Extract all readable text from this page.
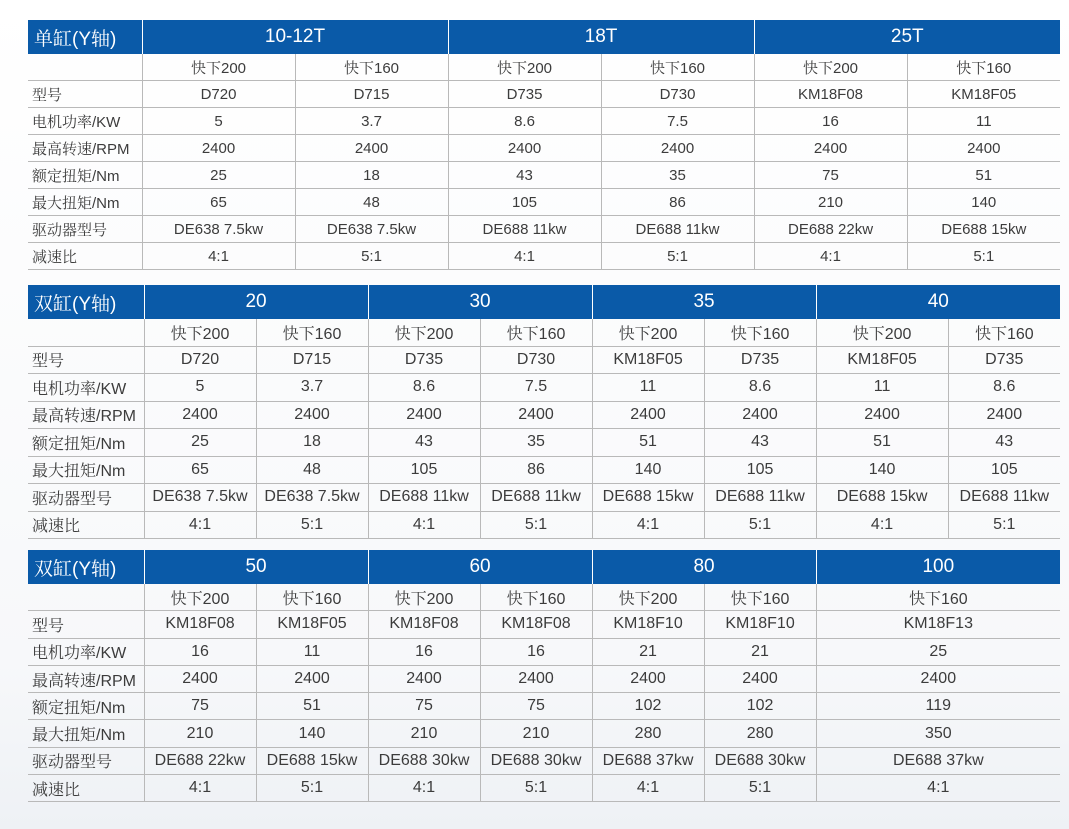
单缸(Y轴)	10-12T		18T		25T	
	快下200	快下160	快下200	快下160	快下200	快下160
型号	D720	D715	D735	D730	KM18F08	KM18F05
电机功率/KW	5	3.7	8.6	7.5	16	11
最高转速/RPM	2400	2400	2400	2400	2400	2400
额定扭矩/Nm	25	18	43	35	75	51
最大扭矩/Nm	65	48	105	86	210	140
驱动器型号	DE638 7.5kw	DE638 7.5kw	DE688 11kw	DE688 11kw	DE688 22kw	DE688 15kw
减速比	4:1	5:1	4:1	5:1	4:1	5:1
双缸(Y轴)	20		30		35		40	
	快下200	快下160	快下200	快下160	快下200	快下160	快下200	快下160
型号	D720	D715	D735	D730	KM18F05	D735	KM18F05	D735
电机功率/KW	5	3.7	8.6	7.5	11	8.6	11	8.6
最高转速/RPM	2400	2400	2400	2400	2400	2400	2400	2400
额定扭矩/Nm	25	18	43	35	51	43	51	43
最大扭矩/Nm	65	48	105	86	140	105	140	105
驱动器型号	DE638 7.5kw	DE638 7.5kw	DE688 11kw	DE688 11kw	DE688 15kw	DE688 11kw	DE688 15kw	DE688 11kw
减速比	4:1	5:1	4:1	5:1	4:1	5:1	4:1	5:1
双缸(Y轴)	50		60		80		100
	快下200	快下160	快下200	快下160	快下200	快下160	快下160
型号	KM18F08	KM18F05	KM18F08	KM18F08	KM18F10	KM18F10	KM18F13
电机功率/KW	16	11	16	16	21	21	25
最高转速/RPM	2400	2400	2400	2400	2400	2400	2400
额定扭矩/Nm	75	51	75	75	102	102	119
最大扭矩/Nm	210	140	210	210	280	280	350
驱动器型号	DE688 22kw	DE688 15kw	DE688 30kw	DE688 30kw	DE688 37kw	DE688 30kw	DE688 37kw
减速比	4:1	5:1	4:1	5:1	4:1	5:1	4:1
